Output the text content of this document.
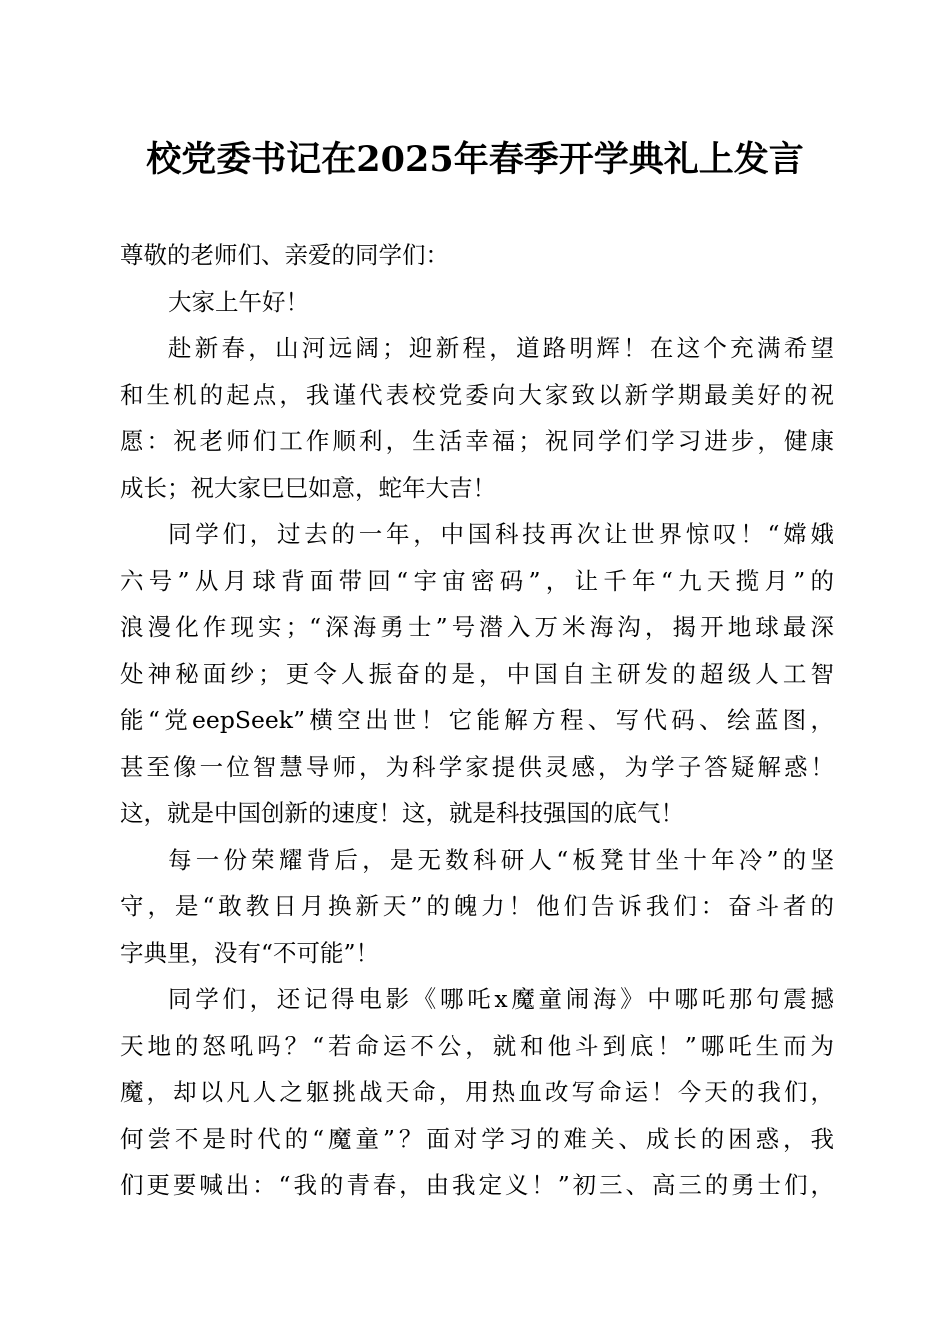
校党委书记在2025年春季开学典礼上发言
尊敬的老师们、亲爱的同学们：
大家上午好！
赴新春，山河远阔；迎新程，道路明辉！在这个充满希望
和生机的起点，我谨代表校党委向大家致以新学期最美好的祝
愿：祝老师们工作顺利，生活幸福；祝同学们学习进步，健康
成长；祝大家巳巳如意，蛇年大吉！
同学们，过去的一年，中国科技再次让世界惊叹！“嫦娥
六号”从月球背面带回“宇宙密码”，让千年“九天揽月”的
浪漫化作现实；“深海勇士”号潜入万米海沟，揭开地球最深
处神秘面纱；更令人振奋的是，中国自主研发的超级人工智
能“党eepSeek”横空出世！它能解方程、写代码、绘蓝图，
甚至像一位智慧导师，为科学家提供灵感，为学子答疑解惑！
这，就是中国创新的速度！这，就是科技强国的底气！
每一份荣耀背后，是无数科研人“板凳甘坐十年冷”的坚
守，是“敢教日月换新天”的魄力！他们告诉我们：奋斗者的
字典里，没有“不可能”！
同学们，还记得电影《哪吒x魔童闹海》中哪吒那句震撼
天地的怒吼吗？“若命运不公，就和他斗到底！”哪吒生而为
魔，却以凡人之躯挑战天命，用热血改写命运！今天的我们，
何尝不是时代的“魔童”？面对学习的难关、成长的困惑，我
们更要喊出：“我的青春，由我定义！”初三、高三的勇士们，
